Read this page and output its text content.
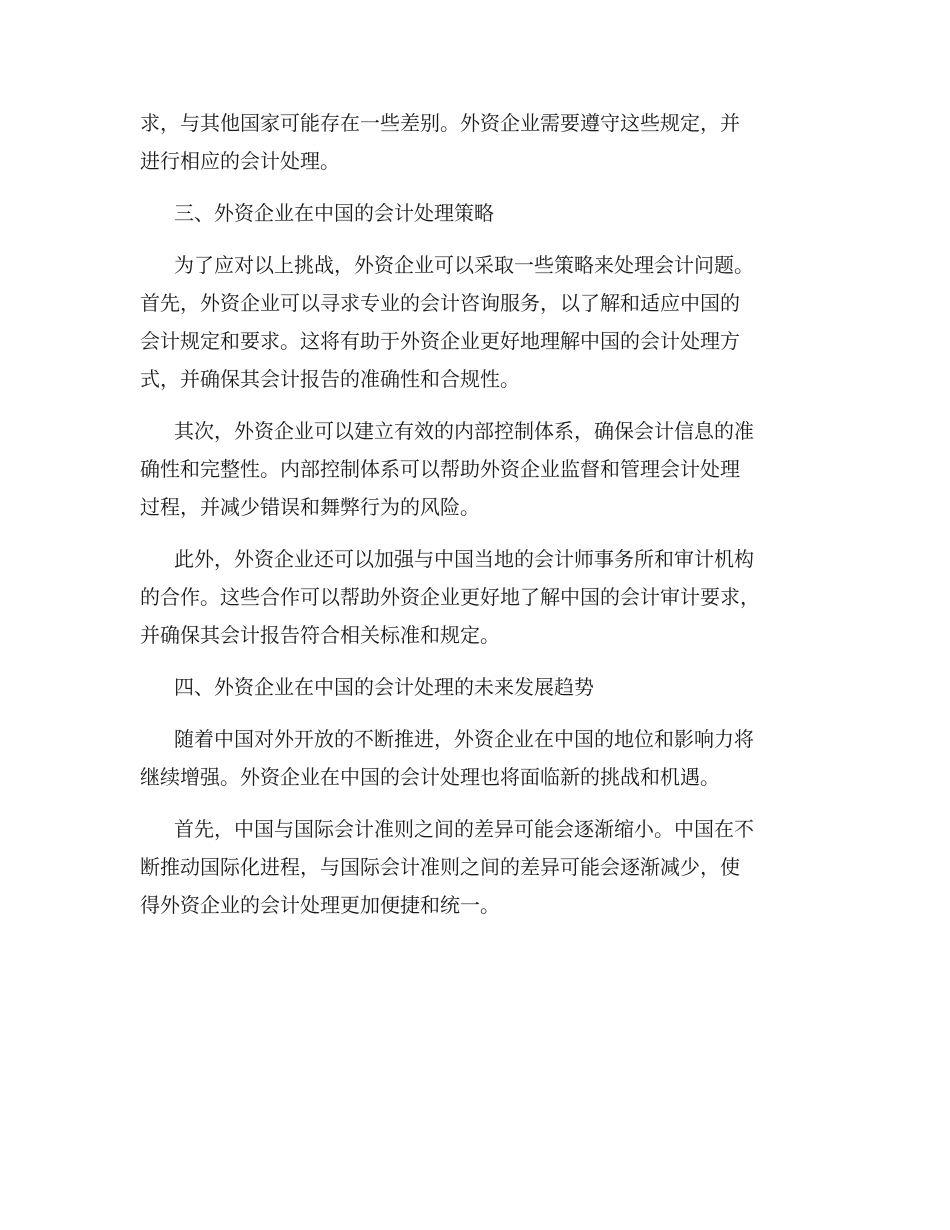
求，与其他国家可能存在一些差别。外资企业需要遵守这些规定，并
进行相应的会计处理。
三、外资企业在中国的会计处理策略
为了应对以上挑战，外资企业可以采取一些策略来处理会计问题。
首先，外资企业可以寻求专业的会计咨询服务，以了解和适应中国的
会计规定和要求。这将有助于外资企业更好地理解中国的会计处理方
式，并确保其会计报告的准确性和合规性。
其次，外资企业可以建立有效的内部控制体系，确保会计信息的准
确性和完整性。内部控制体系可以帮助外资企业监督和管理会计处理
过程，并减少错误和舞弊行为的风险。
此外，外资企业还可以加强与中国当地的会计师事务所和审计机构
的合作。这些合作可以帮助外资企业更好地了解中国的会计审计要求，
并确保其会计报告符合相关标准和规定。
四、外资企业在中国的会计处理的未来发展趋势
随着中国对外开放的不断推进，外资企业在中国的地位和影响力将
继续增强。外资企业在中国的会计处理也将面临新的挑战和机遇。
首先，中国与国际会计准则之间的差异可能会逐渐缩小。中国在不
断推动国际化进程，与国际会计准则之间的差异可能会逐渐减少，使
得外资企业的会计处理更加便捷和统一。
